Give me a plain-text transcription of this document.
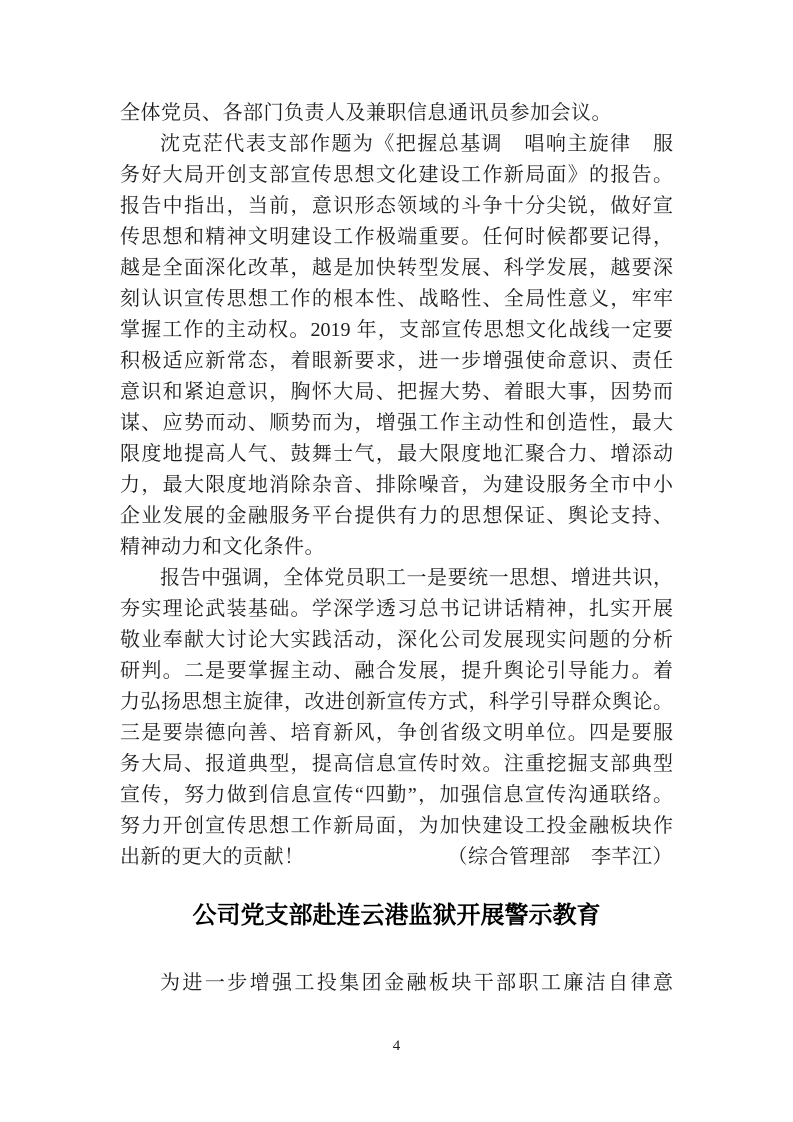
全体党员、各部门负责人及兼职信息通讯员参加会议。
沈克茫代表支部作题为《把握总基调　唱响主旋律　服
务好大局开创支部宣传思想文化建设工作新局面》的报告。
报告中指出，当前，意识形态领域的斗争十分尖锐，做好宣
传思想和精神文明建设工作极端重要。任何时候都要记得，
越是全面深化改革，越是加快转型发展、科学发展，越要深
刻认识宣传思想工作的根本性、战略性、全局性意义，牢牢
掌握工作的主动权。2019 年，支部宣传思想文化战线一定要
积极适应新常态，着眼新要求，进一步增强使命意识、责任
意识和紧迫意识，胸怀大局、把握大势、着眼大事，因势而
谋、应势而动、顺势而为，增强工作主动性和创造性，最大
限度地提高人气、鼓舞士气，最大限度地汇聚合力、增添动
力，最大限度地消除杂音、排除噪音，为建设服务全市中小
企业发展的金融服务平台提供有力的思想保证、舆论支持、
精神动力和文化条件。
报告中强调，全体党员职工一是要统一思想、增进共识，
夯实理论武装基础。学深学透习总书记讲话精神，扎实开展
敬业奉献大讨论大实践活动，深化公司发展现实问题的分析
研判。二是要掌握主动、融合发展，提升舆论引导能力。着
力弘扬思想主旋律，改进创新宣传方式，科学引导群众舆论。
三是要崇德向善、培育新风，争创省级文明单位。四是要服
务大局、报道典型，提高信息宣传时效。注重挖掘支部典型
宣传，努力做到信息宣传“四勤”，加强信息宣传沟通联络。
努力开创宣传思想工作新局面，为加快建设工投金融板块作
出新的更大的贡献！	（综合管理部　李芊江）
公司党支部赴连云港监狱开展警示教育
为进一步增强工投集团金融板块干部职工廉洁自律意
4
